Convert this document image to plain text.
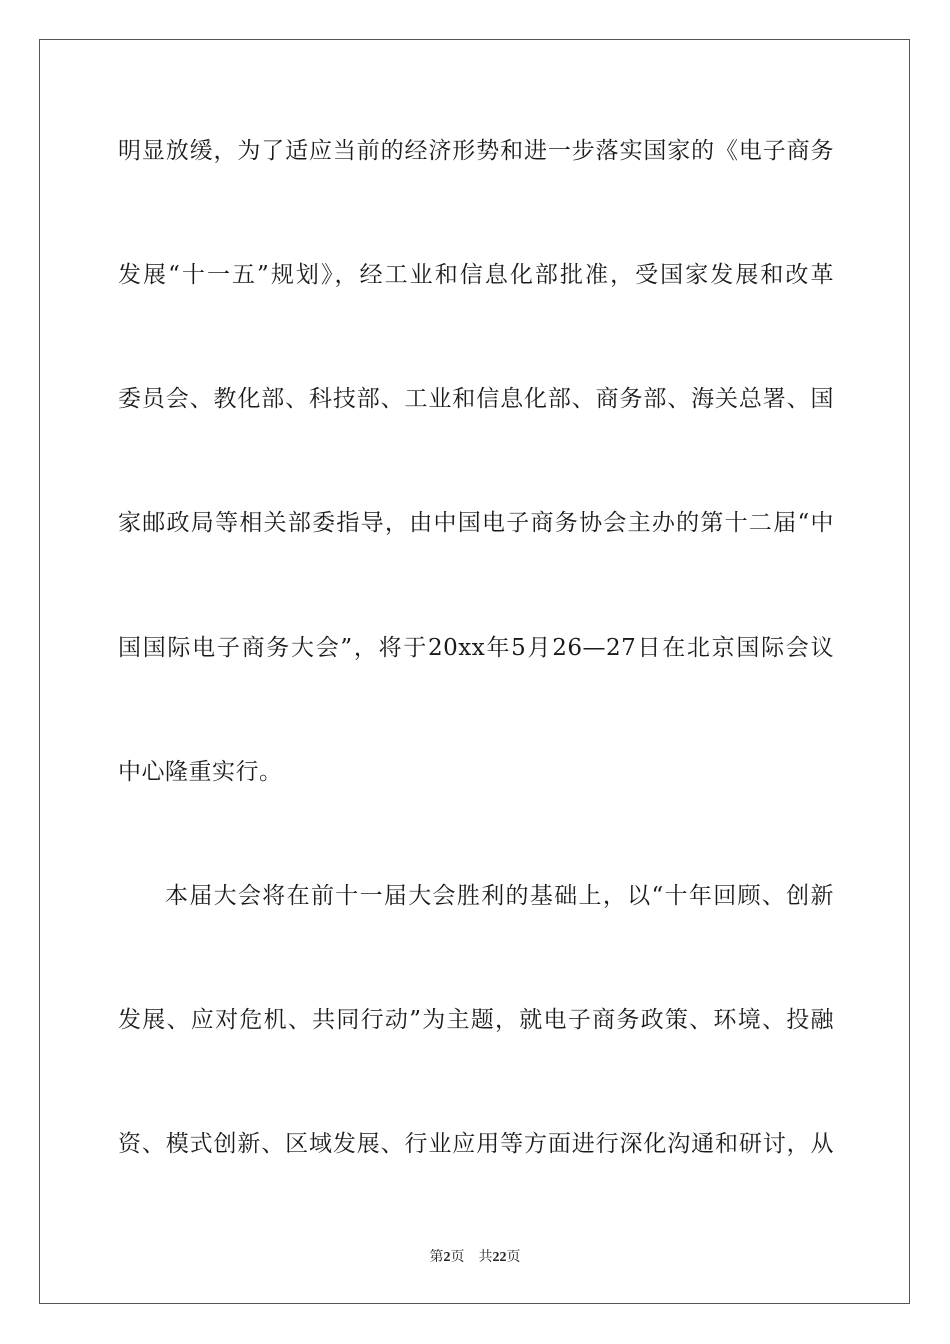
明显放缓，为了适应当前的经济形势和进一步落实国家的《电子商务
发展“十一五”规划》，经工业和信息化部批准，受国家发展和改革
委员会、教化部、科技部、工业和信息化部、商务部、海关总署、国
家邮政局等相关部委指导，由中国电子商务协会主办的第十二届“中
国国际电子商务大会”，将于20xx年5月26—27日在北京国际会议
中心隆重实行。
本届大会将在前十一届大会胜利的基础上，以“十年回顾、创新
发展、应对危机、共同行动”为主题，就电子商务政策、环境、投融
资、模式创新、区域发展、行业应用等方面进行深化沟通和研讨，从
第2页 共22页
